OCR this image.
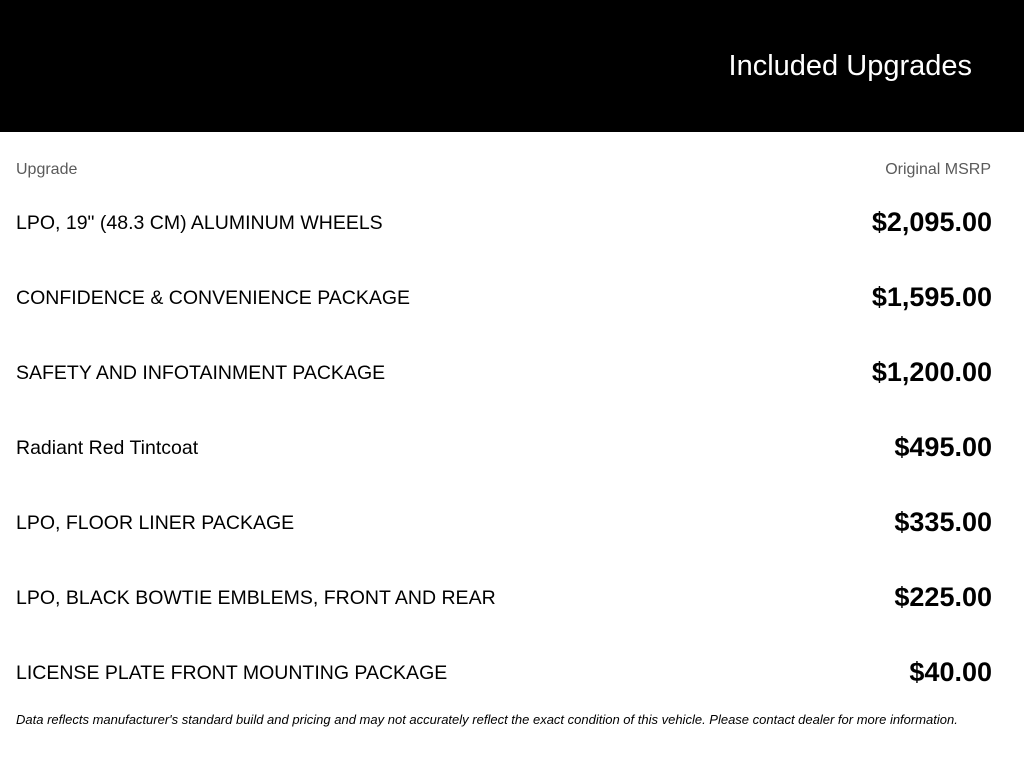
Included Upgrades
Upgrade	Original MSRP
LPO, 19" (48.3 CM) ALUMINUM WHEELS	$2,095.00
CONFIDENCE & CONVENIENCE PACKAGE	$1,595.00
SAFETY AND INFOTAINMENT PACKAGE	$1,200.00
Radiant Red Tintcoat	$495.00
LPO, FLOOR LINER PACKAGE	$335.00
LPO, BLACK BOWTIE EMBLEMS, FRONT AND REAR	$225.00
LICENSE PLATE FRONT MOUNTING PACKAGE	$40.00
Data reflects manufacturer's standard build and pricing and may not accurately reflect the exact condition of this vehicle. Please contact dealer for more information.
